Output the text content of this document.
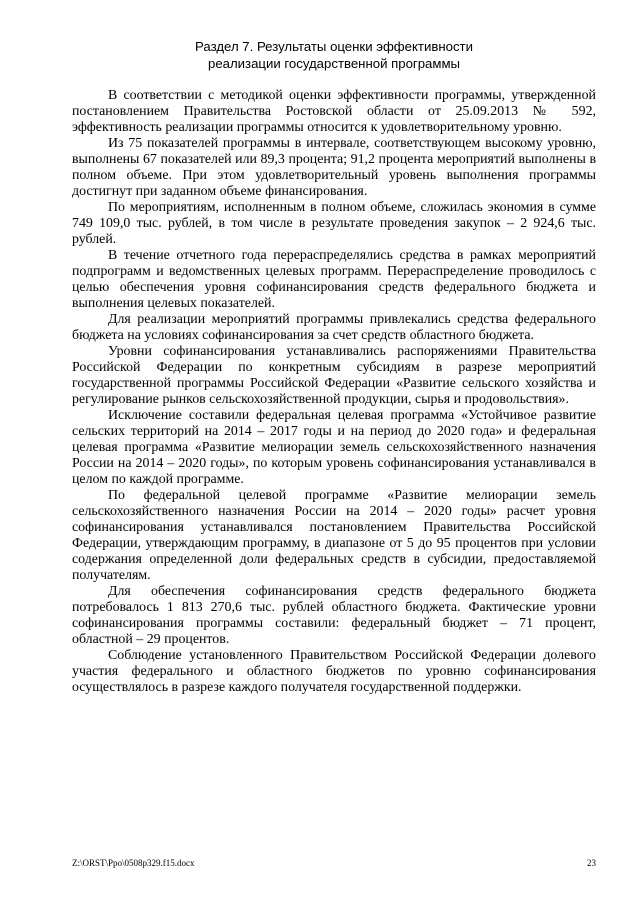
Раздел 7. Результаты оценки эффективности
реализации государственной программы

В соответствии с методикой оценки эффективности программы, утвержденной постановлением Правительства Ростовской области от 25.09.2013 № 592, эффективность реализации программы относится к удовлетворительному уровню.

Из 75 показателей программы в интервале, соответствующем высокому уровню, выполнены 67 показателей или 89,3 процента; 91,2 процента мероприятий выполнены в полном объеме. При этом удовлетворительный уровень выполнения программы достигнут при заданном объеме финансирования.

По мероприятиям, исполненным в полном объеме, сложилась экономия в сумме 749 109,0 тыс. рублей, в том числе в результате проведения закупок – 2 924,6 тыс. рублей.

В течение отчетного года перераспределялись средства в рамках мероприятий подпрограмм и ведомственных целевых программ. Перераспределение проводилось с целью обеспечения уровня софинансирования средств федерального бюджета и выполнения целевых показателей.

Для реализации мероприятий программы привлекались средства федерального бюджета на условиях софинансирования за счет средств областного бюджета.

Уровни софинансирования устанавливались распоряжениями Правительства Российской Федерации по конкретным субсидиям в разрезе мероприятий государственной программы Российской Федерации «Развитие сельского хозяйства и регулирование рынков сельскохозяйственной продукции, сырья и продовольствия».

Исключение составили федеральная целевая программа «Устойчивое развитие сельских территорий на 2014 – 2017 годы и на период до 2020 года» и федеральная целевая программа «Развитие мелиорации земель сельскохозяйственного назначения России на 2014 – 2020 годы», по которым уровень софинансирования устанавливался в целом по каждой программе.

По федеральной целевой программе «Развитие мелиорации земель сельскохозяйственного назначения России на 2014 – 2020 годы» расчет уровня софинансирования устанавливался постановлением Правительства Российской Федерации, утверждающим программу, в диапазоне от 5 до 95 процентов при условии содержания определенной доли федеральных средств в субсидии, предоставляемой получателям.

Для обеспечения софинансирования средств федерального бюджета потребовалось 1 813 270,6 тыс. рублей областного бюджета. Фактические уровни софинансирования программы составили: федеральный бюджет – 71 процент, областной – 29 процентов.

Соблюдение установленного Правительством Российской Федерации долевого участия федерального и областного бюджетов по уровню софинансирования осуществлялось в разрезе каждого получателя государственной поддержки.

Z:\ORST\Ppo\0508p329.f15.docx	23
